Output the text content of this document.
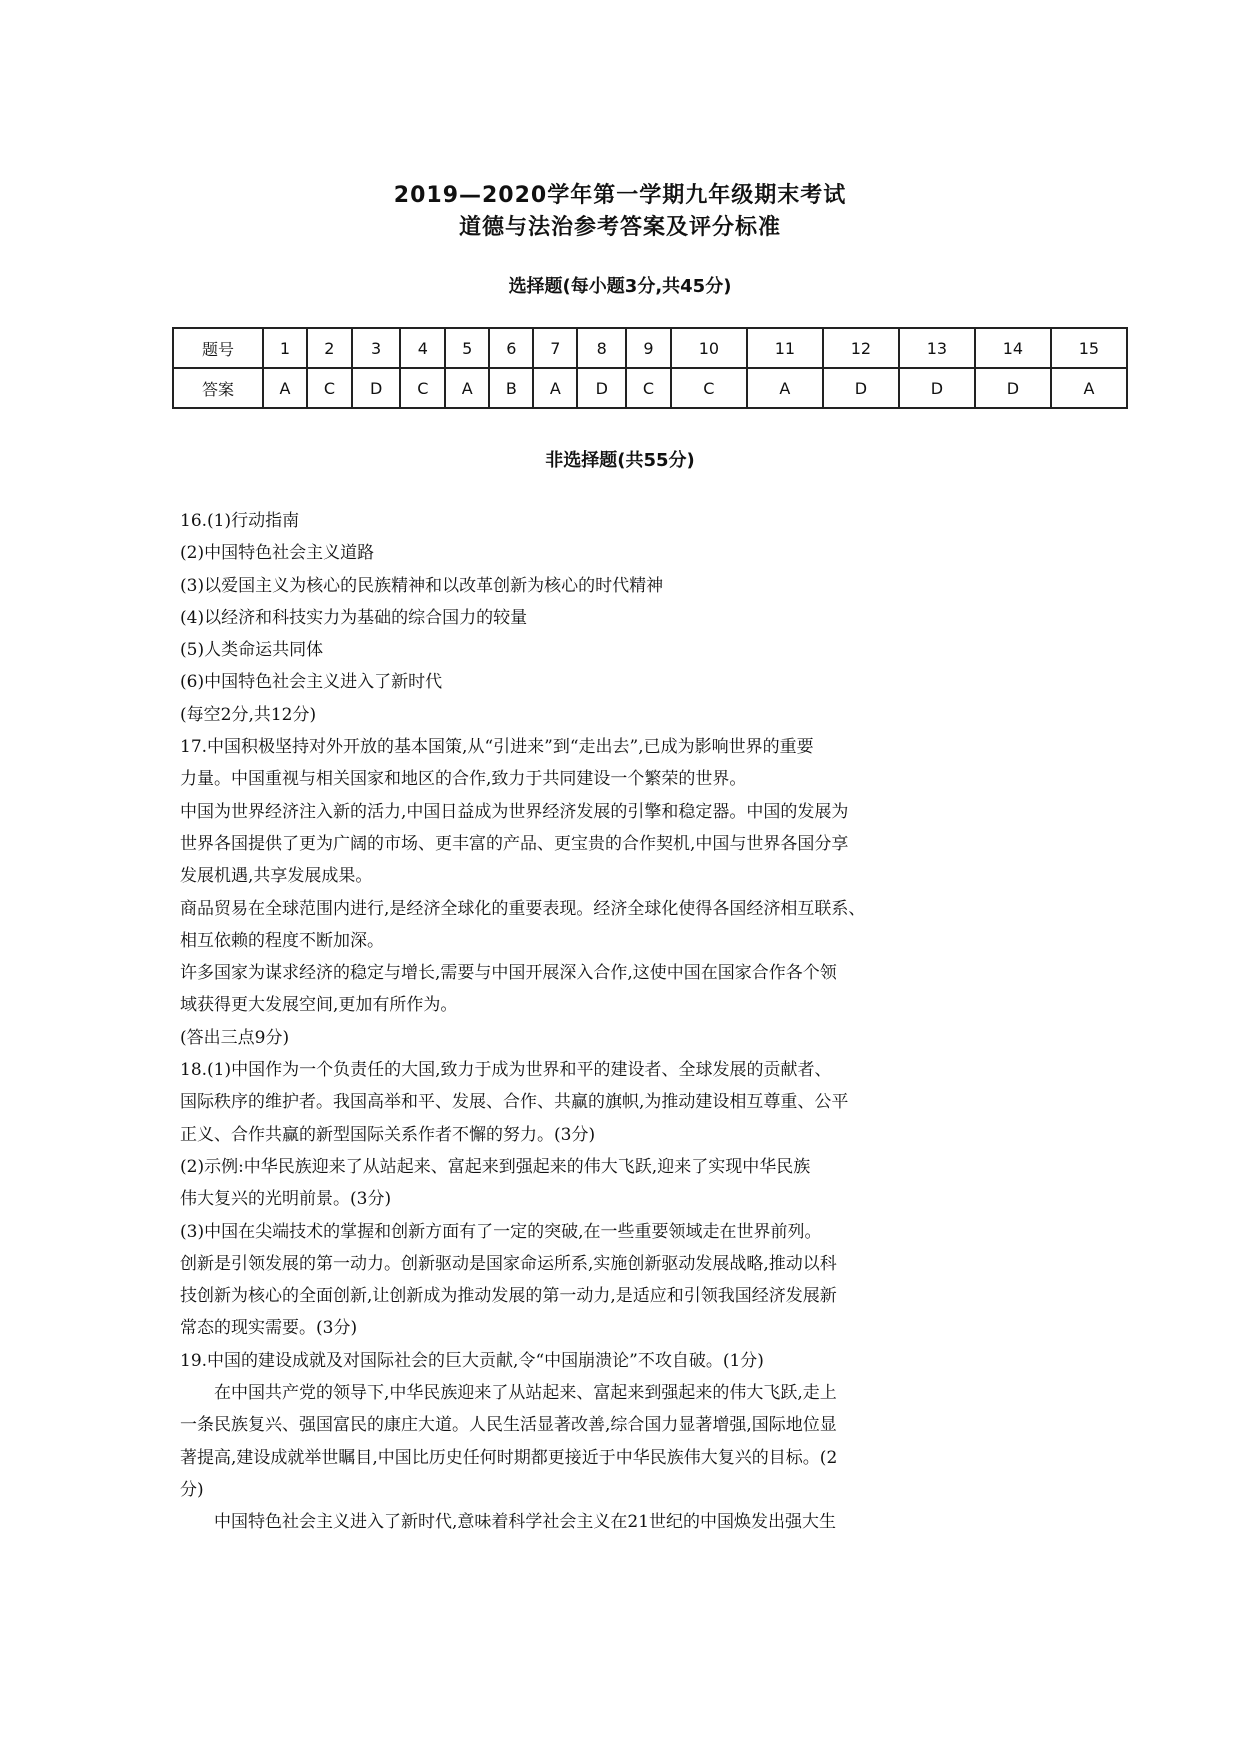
2019—2020学年第一学期九年级期末考试
道德与法治参考答案及评分标准
选择题(每小题3分,共45分)
题号	1	2	3	4	5	6	7	8	9	10	11	12	13	14	15
答案	A	C	D	C	A	B	A	D	C	C	A	D	D	D	A
非选择题(共55分)

16.(1)行动指南

(2)中国特色社会主义道路

(3)以爱国主义为核心的民族精神和以改革创新为核心的时代精神

(4)以经济和科技实力为基础的综合国力的较量

(5)人类命运共同体

(6)中国特色社会主义进入了新时代

(每空2分,共12分)

17.中国积极坚持对外开放的基本国策,从“引进来”到“走出去”,已成为影响世界的重要

力量。中国重视与相关国家和地区的合作,致力于共同建设一个繁荣的世界。

中国为世界经济注入新的活力,中国日益成为世界经济发展的引擎和稳定器。中国的发展为

世界各国提供了更为广阔的市场、更丰富的产品、更宝贵的合作契机,中国与世界各国分享

发展机遇,共享发展成果。

商品贸易在全球范围内进行,是经济全球化的重要表现。经济全球化使得各国经济相互联系、

相互依赖的程度不断加深。

许多国家为谋求经济的稳定与增长,需要与中国开展深入合作,这使中国在国家合作各个领

域获得更大发展空间,更加有所作为。

(答出三点9分)

18.(1)中国作为一个负责任的大国,致力于成为世界和平的建设者、全球发展的贡献者、

国际秩序的维护者。我国高举和平、发展、合作、共赢的旗帜,为推动建设相互尊重、公平

正义、合作共赢的新型国际关系作者不懈的努力。(3分)

(2)示例:中华民族迎来了从站起来、富起来到强起来的伟大飞跃,迎来了实现中华民族

伟大复兴的光明前景。(3分)

(3)中国在尖端技术的掌握和创新方面有了一定的突破,在一些重要领域走在世界前列。

创新是引领发展的第一动力。创新驱动是国家命运所系,实施创新驱动发展战略,推动以科

技创新为核心的全面创新,让创新成为推动发展的第一动力,是适应和引领我国经济发展新

常态的现实需要。(3分)

19.中国的建设成就及对国际社会的巨大贡献,令“中国崩溃论”不攻自破。(1分)

在中国共产党的领导下,中华民族迎来了从站起来、富起来到强起来的伟大飞跃,走上

一条民族复兴、强国富民的康庄大道。人民生活显著改善,综合国力显著增强,国际地位显

著提高,建设成就举世瞩目,中国比历史任何时期都更接近于中华民族伟大复兴的目标。(2

分)

中国特色社会主义进入了新时代,意味着科学社会主义在21世纪的中国焕发出强大生
